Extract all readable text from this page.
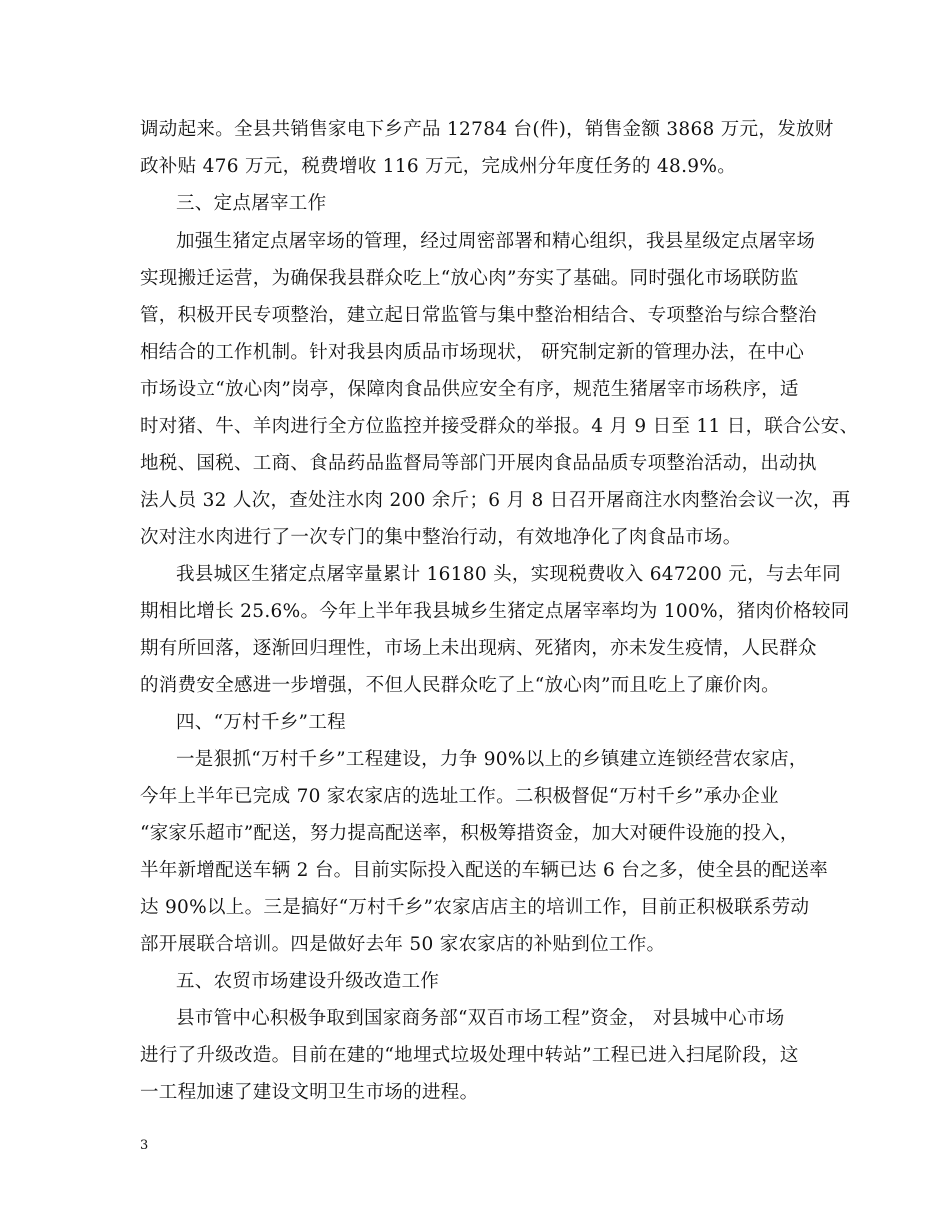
调动起来。全县共销售家电下乡产品 12784 台(件)，销售金额 3868 万元，发放财
政补贴 476 万元，税费增收 116 万元，完成州分年度任务的 48.9%。
三、定点屠宰工作
加强生猪定点屠宰场的管理，经过周密部署和精心组织，我县星级定点屠宰场
实现搬迁运营，为确保我县群众吃上“放心肉”夯实了基础。同时强化市场联防监
管，积极开民专项整治，建立起日常监管与集中整治相结合、专项整治与综合整治
相结合的工作机制。针对我县肉质品市场现状， 研究制定新的管理办法，在中心
市场设立“放心肉”岗亭，保障肉食品供应安全有序，规范生猪屠宰市场秩序，适
时对猪、牛、羊肉进行全方位监控并接受群众的举报。4 月 9 日至 11 日，联合公安、
地税、国税、工商、食品药品监督局等部门开展肉食品品质专项整治活动，出动执
法人员 32 人次，查处注水肉 200 余斤；6 月 8 日召开屠商注水肉整治会议一次，再
次对注水肉进行了一次专门的集中整治行动，有效地净化了肉食品市场。
我县城区生猪定点屠宰量累计 16180 头，实现税费收入 647200 元，与去年同
期相比增长 25.6%。今年上半年我县城乡生猪定点屠宰率均为 100%，猪肉价格较同
期有所回落，逐渐回归理性，市场上未出现病、死猪肉，亦未发生疫情，人民群众
的消费安全感进一步增强，不但人民群众吃了上“放心肉”而且吃上了廉价肉。
四、“万村千乡”工程
一是狠抓“万村千乡”工程建设，力争 90%以上的乡镇建立连锁经营农家店，
今年上半年已完成 70 家农家店的选址工作。二积极督促“万村千乡”承办企业
“家家乐超市”配送，努力提高配送率，积极筹措资金，加大对硬件设施的投入，
半年新增配送车辆 2 台。目前实际投入配送的车辆已达 6 台之多，使全县的配送率
达 90%以上。三是搞好“万村千乡”农家店店主的培训工作，目前正积极联系劳动
部开展联合培训。四是做好去年 50 家农家店的补贴到位工作。
五、农贸市场建设升级改造工作
县市管中心积极争取到国家商务部“双百市场工程”资金， 对县城中心市场
进行了升级改造。目前在建的“地埋式垃圾处理中转站”工程已进入扫尾阶段，这
一工程加速了建设文明卫生市场的进程。
3
